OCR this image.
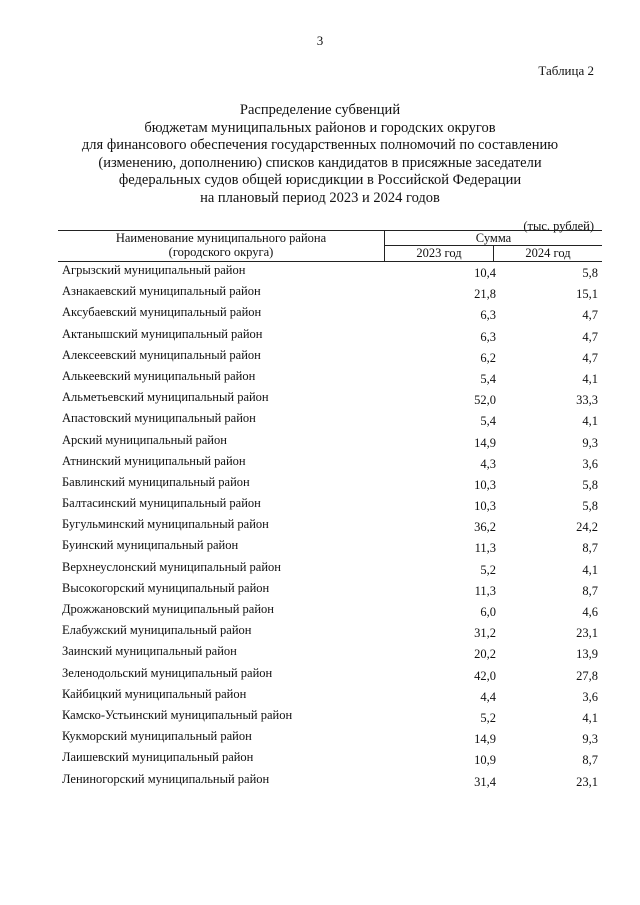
3
Таблица 2
Распределение субвенций
бюджетам муниципальных районов и городских округов
для финансового обеспечения государственных полномочий по составлению
(изменению, дополнению) списков кандидатов в присяжные заседатели
федеральных судов общей юрисдикции в Российской Федерации
на плановый период 2023 и 2024 годов
(тыс. рублей)
Наименование муниципального района
(городского округа)
Сумма
2023 год	2024 год
Агрызский муниципальный район	10,4	5,8
Азнакаевский муниципальный район	21,8	15,1
Аксубаевский муниципальный район	6,3	4,7
Актанышский муниципальный район	6,3	4,7
Алексеевский муниципальный район	6,2	4,7
Алькеевский муниципальный район	5,4	4,1
Альметьевский муниципальный район	52,0	33,3
Апастовский муниципальный район	5,4	4,1
Арский муниципальный район	14,9	9,3
Атнинский муниципальный район	4,3	3,6
Бавлинский муниципальный район	10,3	5,8
Балтасинский муниципальный район	10,3	5,8
Бугульминский муниципальный район	36,2	24,2
Буинский муниципальный район	11,3	8,7
Верхнеуслонский муниципальный район	5,2	4,1
Высокогорский муниципальный район	11,3	8,7
Дрожжановский муниципальный район	6,0	4,6
Елабужский муниципальный район	31,2	23,1
Заинский муниципальный район	20,2	13,9
Зеленодольский муниципальный район	42,0	27,8
Кайбицкий муниципальный район	4,4	3,6
Камско-Устьинский муниципальный район	5,2	4,1
Кукморский муниципальный район	14,9	9,3
Лаишевский муниципальный район	10,9	8,7
Лениногорский муниципальный район	31,4	23,1
